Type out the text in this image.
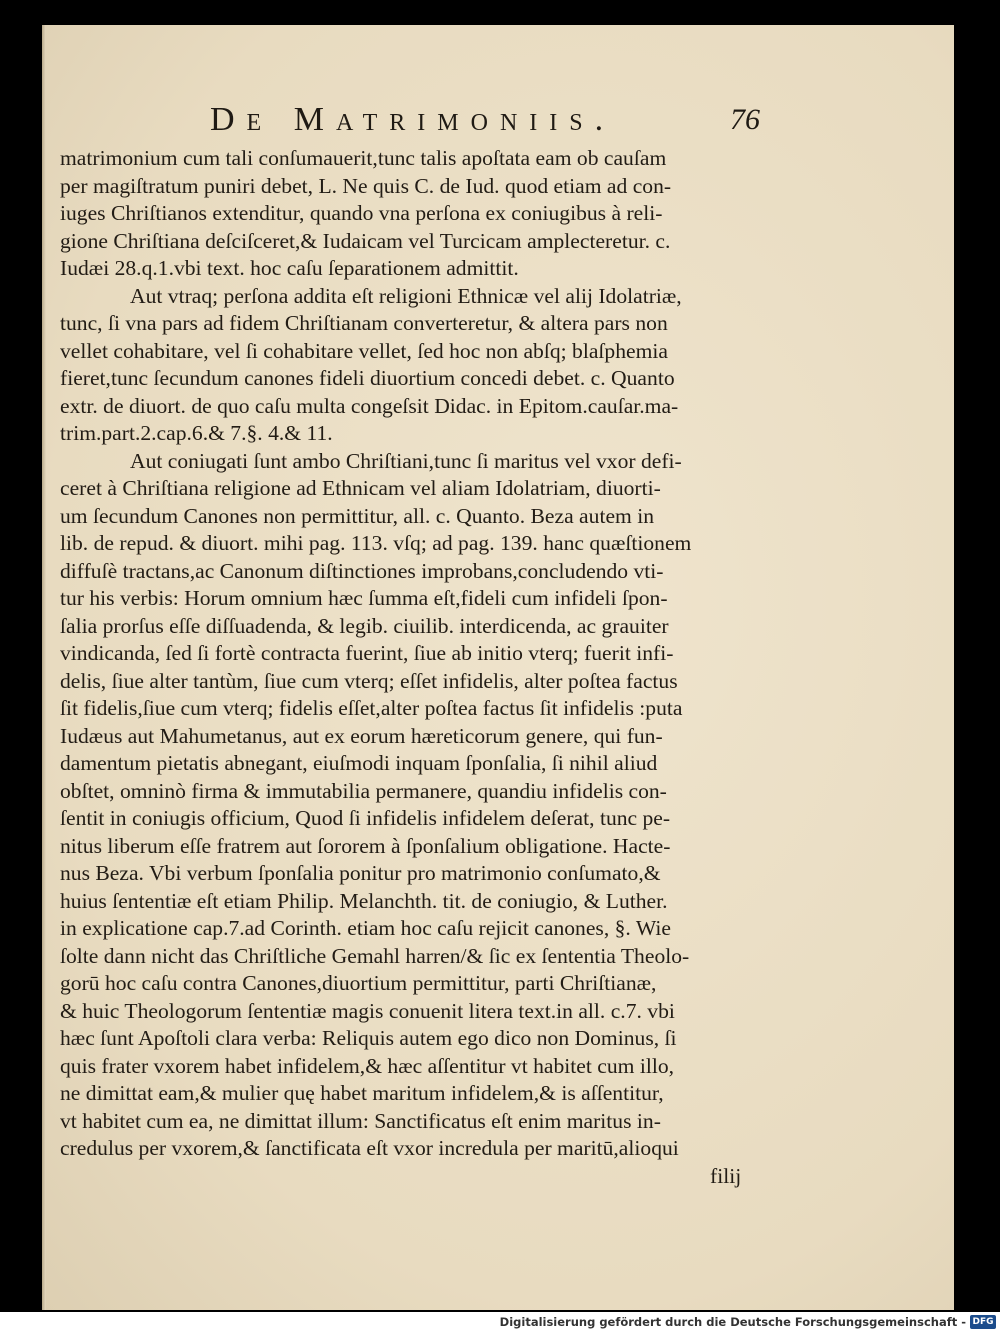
De Matrimoniis.	76
matrimonium cum tali conſumauerit,tunc talis apoſtata eam ob cauſam
per magiſtratum puniri debet, L. Ne quis C. de Iud. quod etiam ad con-
iuges Chriſtianos extenditur, quando vna perſona ex coniugibus à reli-
gione Chriſtiana deſciſceret,& Iudaicam vel Turcicam amplecteretur. c.
Iudæi 28.q.1.vbi text. hoc caſu ſeparationem admittit.
Aut vtraq; perſona addita eſt religioni Ethnicæ vel alij Idolatriæ,
tunc, ſi vna pars ad fidem Chriſtianam converteretur, & altera pars non
vellet cohabitare, vel ſi cohabitare vellet, ſed hoc non abſq; blaſphemia
fieret,tunc ſecundum canones fideli diuortium concedi debet. c. Quanto
extr. de diuort. de quo caſu multa congeſsit Didac. in Epitom.cauſar.ma-
trim.part.2.cap.6.& 7.§. 4.& 11.
Aut coniugati ſunt ambo Chriſtiani,tunc ſi maritus vel vxor defi-
ceret à Chriſtiana religione ad Ethnicam vel aliam Idolatriam, diuorti-
um ſecundum Canones non permittitur, all. c. Quanto. Beza autem in
lib. de repud. & diuort. mihi pag. 113. vſq; ad pag. 139. hanc quæſtionem
diffuſè tractans,ac Canonum diſtinctiones improbans,concludendo vti-
tur his verbis: Horum omnium hæc ſumma eſt,fideli cum infideli ſpon-
ſalia prorſus eſſe diſſuadenda, & legib. ciuilib. interdicenda, ac grauiter
vindicanda, ſed ſi fortè contracta fuerint, ſiue ab initio vterq; fuerit infi-
delis, ſiue alter tantùm, ſiue cum vterq; eſſet infidelis, alter poſtea factus
ſit fidelis,ſiue cum vterq; fidelis eſſet,alter poſtea factus ſit infidelis :puta
Iudæus aut Mahumetanus, aut ex eorum hæreticorum genere, qui fun-
damentum pietatis abnegant, eiuſmodi inquam ſponſalia, ſi nihil aliud
obſtet, omninò firma & immutabilia permanere, quandiu infidelis con-
ſentit in coniugis officium, Quod ſi infidelis infidelem deſerat, tunc pe-
nitus liberum eſſe fratrem aut ſororem à ſponſalium obligatione. Hacte-
nus Beza. Vbi verbum ſponſalia ponitur pro matrimonio conſumato,&
huius ſententiæ eſt etiam Philip. Melanchth. tit. de coniugio, & Luther.
in explicatione cap.7.ad Corinth. etiam hoc caſu rejicit canones, §. Wie
ſolte dann nicht das Chriſtliche Gemahl harren/& ſic ex ſententia Theolo-
gorū hoc caſu contra Canones,diuortium permittitur, parti Chriſtianæ,
& huic Theologorum ſententiæ magis conuenit litera text.in all. c.7. vbi
hæc ſunt Apoſtoli clara verba: Reliquis autem ego dico non Dominus, ſi
quis frater vxorem habet infidelem,& hæc aſſentitur vt habitet cum illo,
ne dimittat eam,& mulier quę habet maritum infidelem,& is aſſentitur,
vt habitet cum ea, ne dimittat illum: Sanctificatus eſt enim maritus in-
credulus per vxorem,& ſanctificata eſt vxor incredula per maritū,alioqui
filij
Digitalisierung gefördert durch die Deutsche Forschungsgemeinschaft - DFG
